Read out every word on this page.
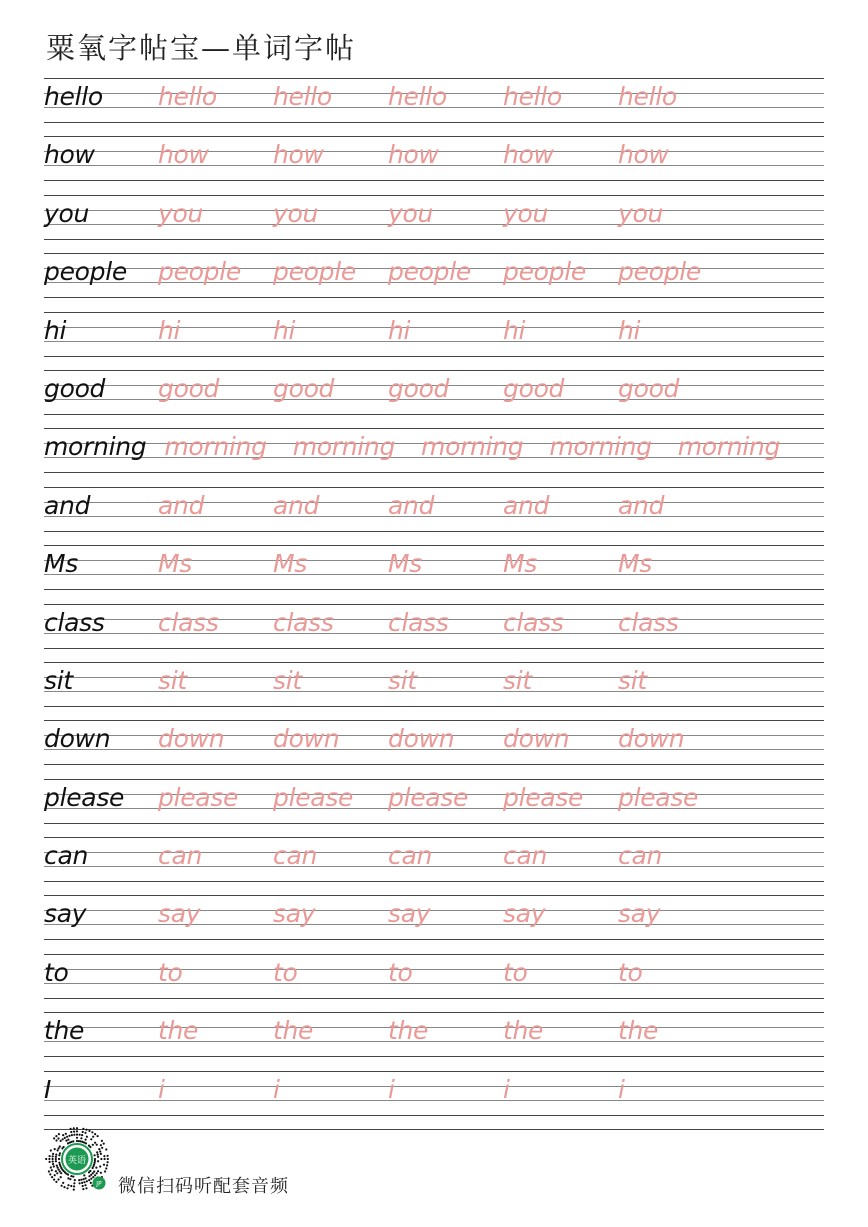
粟氧字帖宝—单词字帖
hello hello hello hello hello hello
how	how	how	how	how	how
you	you	you	you	you	you
people people people people people people
hi	hi	hi	hi	hi	hi
good good good good good good
morning morning morning morning morning morning
and	and	and	and	and	and
Ms	Ms	Ms	Ms	Ms	Ms
class class class class class class
sit	sit	sit	sit	sit	sit
down down down down down down
please please please please please please
can	can	can	can	can	can
say	say	say	say	say	say
to	to	to	to	to	to
the	the	the	the	the	the
I	i	i	i	i	i
英语
JP 微信扫码听配套音频
